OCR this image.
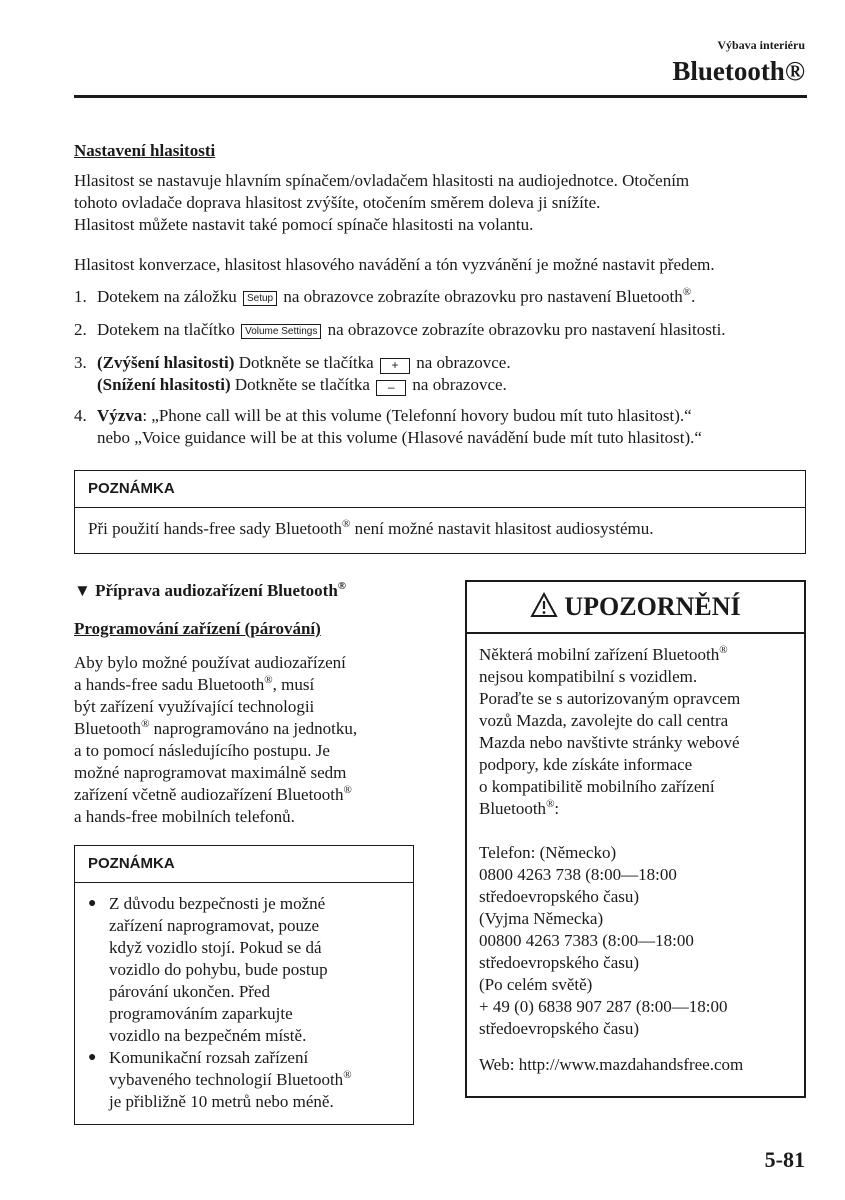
Výbava interiéru
Bluetooth®
Nastavení hlasitosti
Hlasitost se nastavuje hlavním spínačem/ovladačem hlasitosti na audiojednotce. Otočením
tohoto ovladače doprava hlasitost zvýšíte, otočením směrem doleva ji snížíte.
Hlasitost můžete nastavit také pomocí spínače hlasitosti na volantu.
Hlasitost konverzace, hlasitost hlasového navádění a tón vyzvánění je možné nastavit předem.
1. Dotekem na záložku Setup na obrazovce zobrazíte obrazovku pro nastavení Bluetooth®.
2. Dotekem na tlačítko Volume Settings na obrazovce zobrazíte obrazovku pro nastavení hlasitosti.
3. (Zvýšení hlasitosti) Dotkněte se tlačítka + na obrazovce.
(Snížení hlasitosti) Dotkněte se tlačítka – na obrazovce.
4. Výzva: „Phone call will be at this volume (Telefonní hovory budou mít tuto hlasitost).“
nebo „Voice guidance will be at this volume (Hlasové navádění bude mít tuto hlasitost).“
POZNÁMKA
Při použití hands-free sady Bluetooth® není možné nastavit hlasitost audiosystému.
▼ Příprava audiozařízení Bluetooth®
Programování zařízení (párování)
Aby bylo možné používat audiozařízení
a hands-free sadu Bluetooth®, musí
být zařízení využívající technologii
Bluetooth® naprogramováno na jednotku,
a to pomocí následujícího postupu. Je
možné naprogramovat maximálně sedm
zařízení včetně audiozařízení Bluetooth®
a hands-free mobilních telefonů.
POZNÁMKA
● Z důvodu bezpečnosti je možné
zařízení naprogramovat, pouze
když vozidlo stojí. Pokud se dá
vozidlo do pohybu, bude postup
párování ukončen. Před
programováním zaparkujte
vozidlo na bezpečném místě.
● Komunikační rozsah zařízení
vybaveného technologií Bluetooth®
je přibližně 10 metrů nebo méně.
UPOZORNĚNÍ
Některá mobilní zařízení Bluetooth®
nejsou kompatibilní s vozidlem.
Poraďte se s autorizovaným opravcem
vozů Mazda, zavolejte do call centra
Mazda nebo navštivte stránky webové
podpory, kde získáte informace
o kompatibilitě mobilního zařízení
Bluetooth®:
Telefon: (Německo)
0800 4263 738 (8:00—18:00
středoevropského času)
(Vyjma Německa)
00800 4263 7383 (8:00—18:00
středoevropského času)
(Po celém světě)
+ 49 (0) 6838 907 287 (8:00—18:00
středoevropského času)
Web: http://www.mazdahandsfree.com
5-81
